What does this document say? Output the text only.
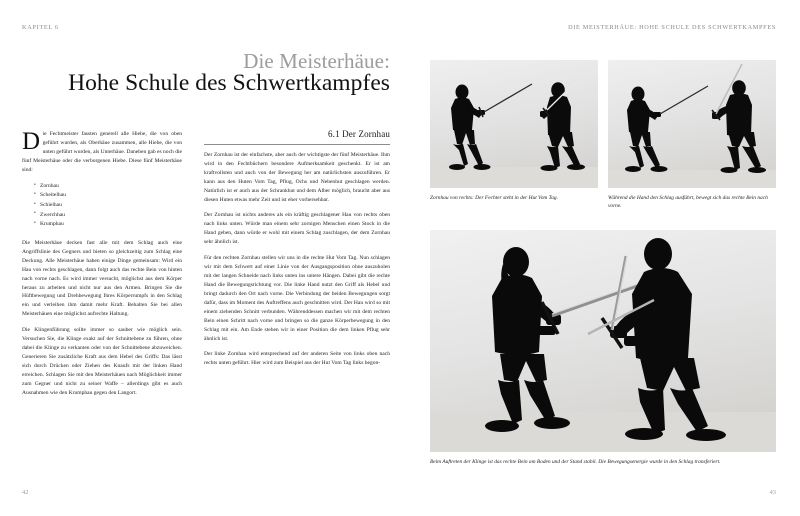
KAPITEL 6	DIE MEISTERHÄUE: HOHE SCHULE DES SCHWERTKAMPFES
Die Meisterhäue:
Hohe Schule des Schwertkampfes

Die Fechtmeister fassten generell alle Hiebe, die von oben geführt wurden, als Oberhäue zusammen, alle Hiebe, die von unten geführt wurden, als Unterhäue. Daneben gab es noch die fünf Meisterhäue oder die verborgenen Hiebe. Diese fünf Meisterhäue sind:

• Zornhau
• Scheitelhau
• Schielhau
• Zwerchhau
• Krumphau

Die Meisterhäue decken fast alle mit dem Schlag auch eine Angriffslinie des Gegners und bieten so gleichzeitig zum Schlag eine Deckung. Alle Meisterhäue haben einige Dinge gemeinsam: Wird ein Hau von rechts geschlagen, dann folgt auch das rechte Bein von hinten nach vorne nach. Es wird immer versucht, möglichst aus dem Körper heraus zu arbeiten und nicht nur aus den Armen. Bringen Sie die Hüftbewegung und Drehbewegung Ihres Körperrumpfs in den Schlag ein und verleihen ihm damit mehr Kraft. Behalten Sie bei allen Meisterhäuen eine möglichst aufrechte Haltung.

Die Klingenführung sollte immer so sauber wie möglich sein. Versuchen Sie, die Klinge exakt auf der Schnittebene zu führen, ohne dabei die Klinge zu verkanten oder von der Schnittebene abzuweichen. Generieren Sie zusätzliche Kraft aus dem Hebel des Griffs: Das lässt sich durch Drücken oder Ziehen des Knaufs mit der linken Hand erreichen. Schlagen Sie mit den Meisterhäuen nach Möglichkeit immer zum Gegner und nicht zu seiner Waffe – allerdings gibt es auch Ausnahmen wie den Krumphau gegen den Langort.

6.1 Der Zornhau

Der Zornhau ist der einfachste, aber auch der wichtigste der fünf Meisterhäue. Ihm wird in den Fechtbüchern besondere Aufmerksamkeit geschenkt. Er ist am kraftvollsten und auch von der Bewegung her am natürlichsten auszuführen. Er kann aus den Huten Vom Tag, Pflug, Ochs und Nebenhut geschlagen werden. Natürlich ist er auch aus der Schrankhut und dem Alber möglich, braucht aber aus diesen Huten etwas mehr Zeit und ist eher vorhersehbar.

Der Zornhau ist nichts anderes als ein kräftig geschlagener Hau von rechts oben nach links unten. Würde man einem sehr zornigen Menschen einen Stock in die Hand geben, dann würde er wohl mit einem Schlag zuschlagen, der dem Zornhau sehr ähnlich ist.

Für den rechten Zornhau stellen wir uns in die rechte Hut Vom Tag. Nun schlagen wir mit dem Schwert auf einer Linie von der Ausgangsposition ohne auszuholen mit der langen Schneide nach links unten ins untere Hängen. Dabei gibt die rechte Hand die Bewegungsrichtung vor. Die linke Hand nutzt den Griff als Hebel und bringt dadurch den Ort nach vorne. Die Verbindung der beiden Bewegungen sorgt dafür, dass im Moment des Auftreffens auch geschnitten wird. Der Hau wird so mit einem ziehenden Schnitt verbunden. Währenddessen machen wir mit dem rechten Bein einen Schritt nach vorne und bringen so die ganze Körperbewegung in den Schlag mit ein. Am Ende stehen wir in einer Position die dem linken Pflug sehr ähnlich ist.

Der linke Zornhau wird entsprechend auf der anderen Seite von links oben nach rechts unten geführt. Hier wird zum Beispiel aus der Hut Vom Tag links begon-

Zornhau von rechts: Der Fechter steht in der Hut Vom Tag.	Während die Hand den Schlag ausführt, bewegt sich das rechte Bein nach vorne.
Beim Auftreten der Klinge ist das rechte Bein am Boden und der Stand stabil. Die Bewegungsenergie wurde in den Schlag transferiert.
42	43
